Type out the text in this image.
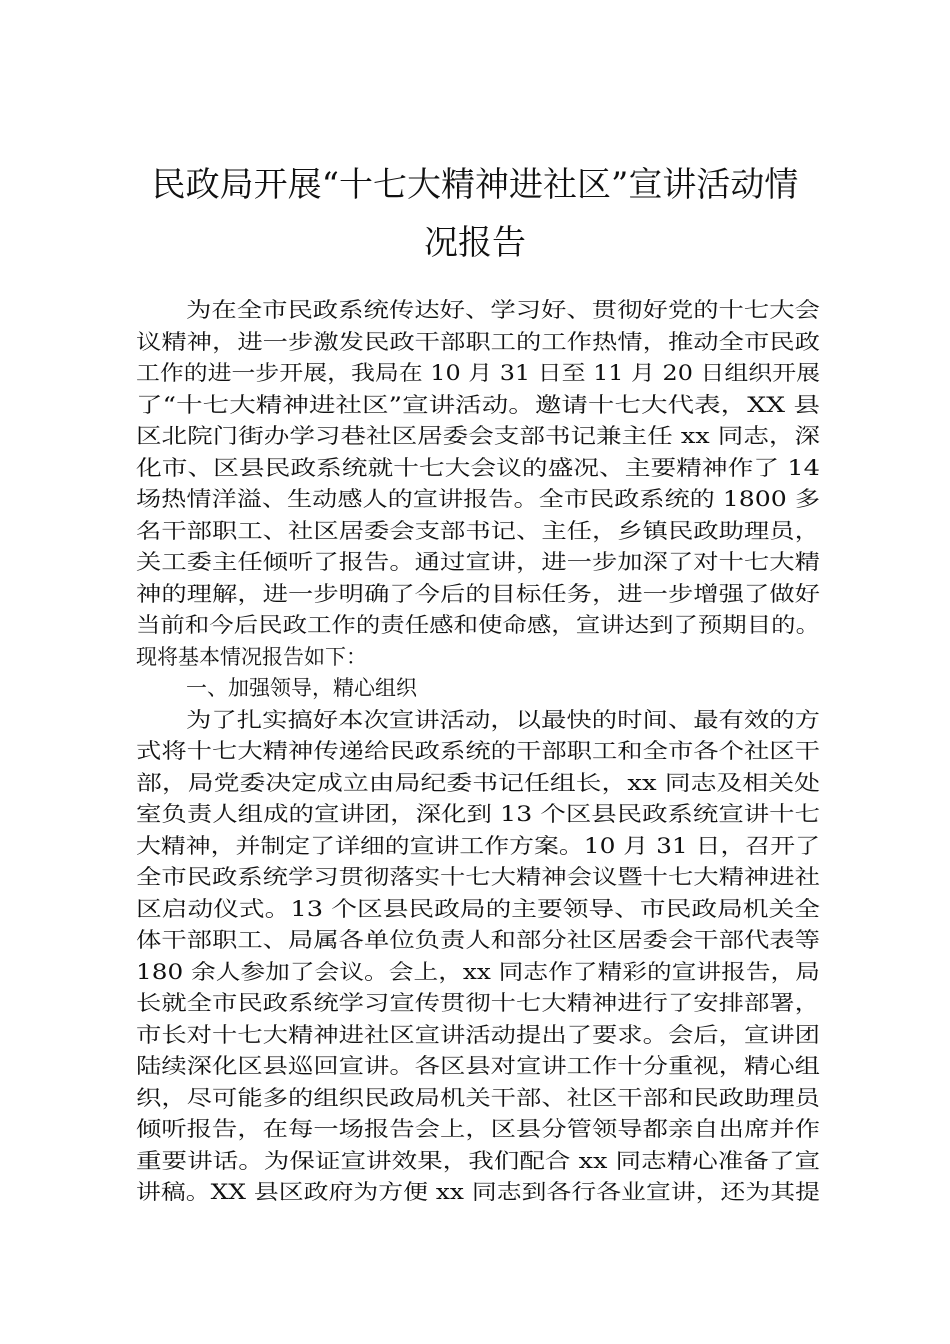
民政局开展“十七大精神进社区”宣讲活动情
况报告
为在全市民政系统传达好、学习好、贯彻好党的十七大会
议精神，进一步激发民政干部职工的工作热情，推动全市民政
工作的进一步开展，我局在 10 月 31 日至 11 月 20 日组织开展
了“十七大精神进社区”宣讲活动。邀请十七大代表，XX 县
区北院门街办学习巷社区居委会支部书记兼主任 xx 同志，深
化市、区县民政系统就十七大会议的盛况、主要精神作了 14
场热情洋溢、生动感人的宣讲报告。全市民政系统的 1800 多
名干部职工、社区居委会支部书记、主任，乡镇民政助理员，
关工委主任倾听了报告。通过宣讲，进一步加深了对十七大精
神的理解，进一步明确了今后的目标任务，进一步增强了做好
当前和今后民政工作的责任感和使命感，宣讲达到了预期目的。
现将基本情况报告如下：
一、加强领导，精心组织
为了扎实搞好本次宣讲活动，以最快的时间、最有效的方
式将十七大精神传递给民政系统的干部职工和全市各个社区干
部，局党委决定成立由局纪委书记任组长，xx 同志及相关处
室负责人组成的宣讲团，深化到 13 个区县民政系统宣讲十七
大精神，并制定了详细的宣讲工作方案。10 月 31 日，召开了
全市民政系统学习贯彻落实十七大精神会议暨十七大精神进社
区启动仪式。13 个区县民政局的主要领导、市民政局机关全
体干部职工、局属各单位负责人和部分社区居委会干部代表等
180 余人参加了会议。会上，xx 同志作了精彩的宣讲报告，局
长就全市民政系统学习宣传贯彻十七大精神进行了安排部署，
市长对十七大精神进社区宣讲活动提出了要求。会后，宣讲团
陆续深化区县巡回宣讲。各区县对宣讲工作十分重视，精心组
织，尽可能多的组织民政局机关干部、社区干部和民政助理员
倾听报告，在每一场报告会上，区县分管领导都亲自出席并作
重要讲话。为保证宣讲效果，我们配合 xx 同志精心准备了宣
讲稿。XX 县区政府为方便 xx 同志到各行各业宣讲，还为其提
